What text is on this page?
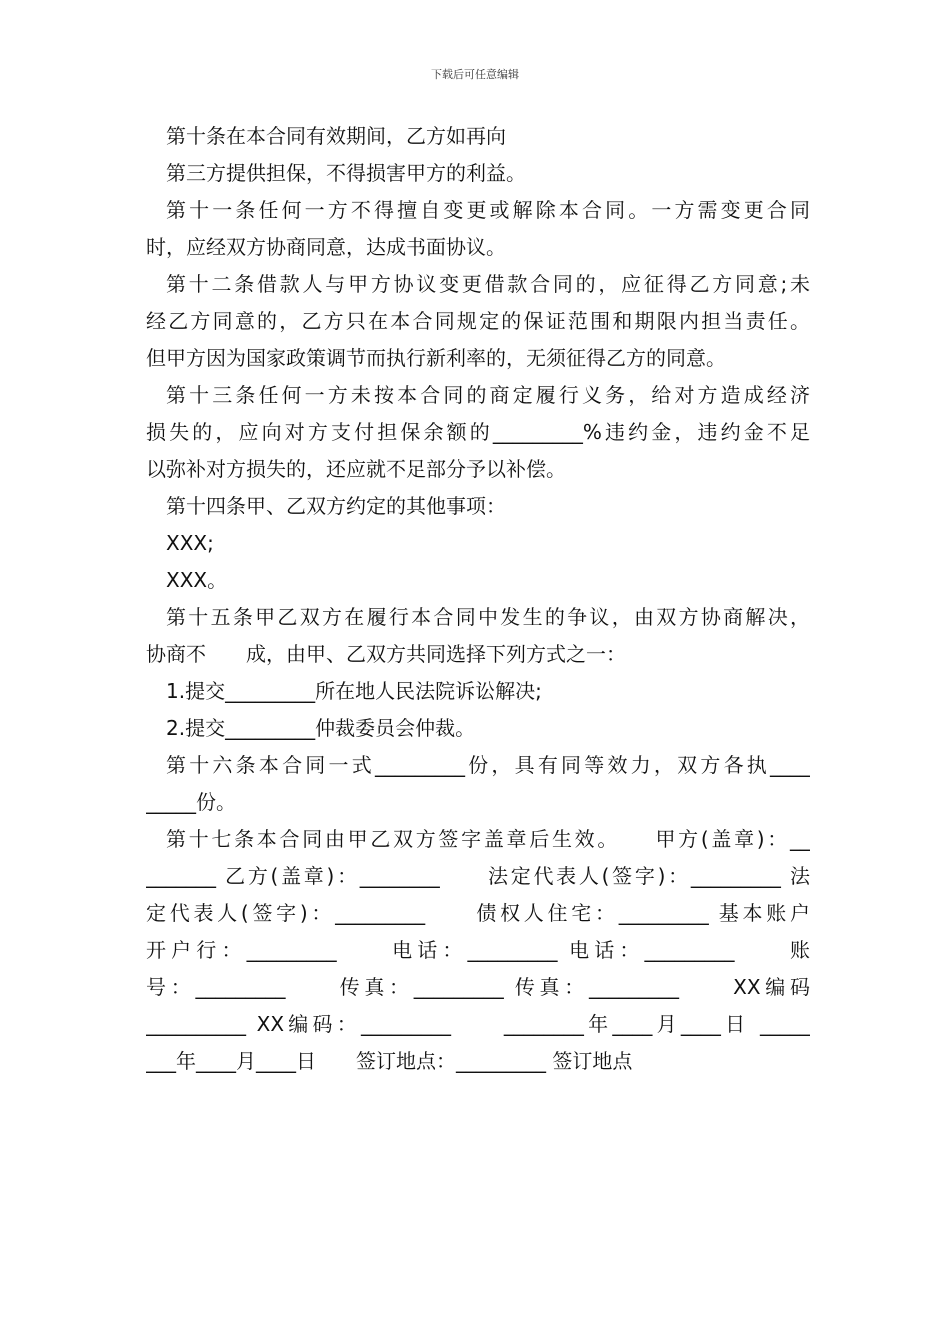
下载后可任意编辑
第十条在本合同有效期间，乙方如再向
第三方提供担保，不得损害甲方的利益。
第十一条任何一方不得擅自变更或解除本合同。一方需变更合同
时，应经双方协商同意，达成书面协议。
第十二条借款人与甲方协议变更借款合同的，应征得乙方同意;未
经乙方同意的，乙方只在本合同规定的保证范围和期限内担当责任。
但甲方因为国家政策调节而执行新利率的，无须征得乙方的同意。
第十三条任何一方未按本合同的商定履行义务，给对方造成经济
损失的，应向对方支付担保余额的_________%违约金，违约金不足
以弥补对方损失的，还应就不足部分予以补偿。
第十四条甲、乙双方约定的其他事项：
XXX;
XXX。
第十五条甲乙双方在履行本合同中发生的争议，由双方协商解决，
协商不　　成，由甲、乙双方共同选择下列方式之一：
1.提交_________所在地人民法院诉讼解决;
2.提交_________仲裁委员会仲裁。
第十六条本合同一式_________份，具有同等效力，双方各执____
_____份。
第十七条本合同由甲乙双方签字盖章后生效。　　甲方(盖章)：__
_______ 乙方(盖章)：________　　法定代表人(签字)：_________ 法
定代表人(签字)：_________　　债权人住宅：_________ 基本账户
开户行：_________　　电话：_________ 电话：_________　　账
号：_________　　传真：_________ 传真：_________　　XX编码
__________ XX编码：_________　　________年____月____日 _____
___年____月____日　　签订地点：_________ 签订地点
